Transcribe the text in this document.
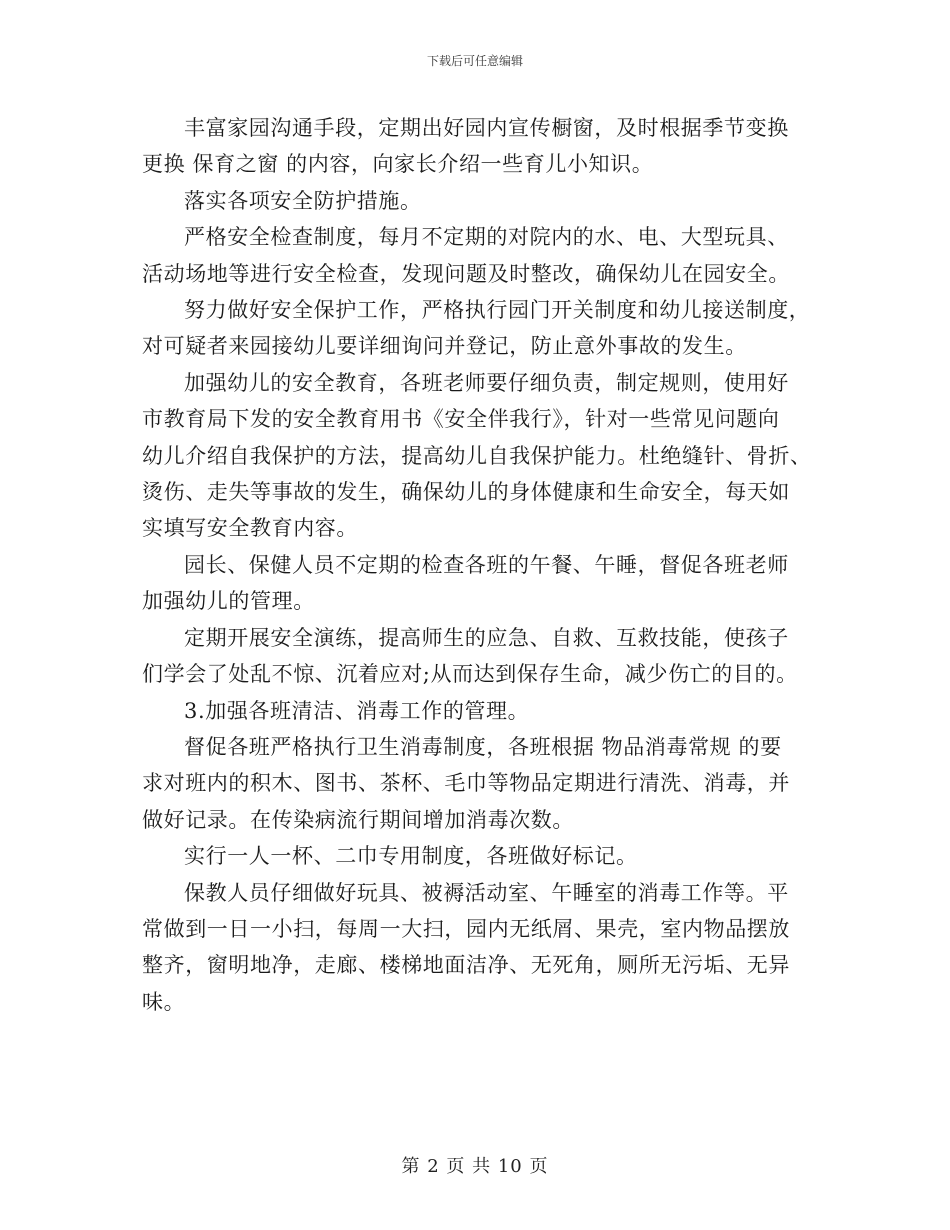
下载后可任意编辑

丰富家园沟通手段，定期出好园内宣传橱窗，及时根据季节变换
更换 保育之窗 的内容，向家长介绍一些育儿小知识。

落实各项安全防护措施。

严格安全检查制度，每月不定期的对院内的水、电、大型玩具、
活动场地等进行安全检查，发现问题及时整改，确保幼儿在园安全。

努力做好安全保护工作，严格执行园门开关制度和幼儿接送制度，
对可疑者来园接幼儿要详细询问并登记，防止意外事故的发生。

加强幼儿的安全教育，各班老师要仔细负责，制定规则，使用好
市教育局下发的安全教育用书《安全伴我行》，针对一些常见问题向
幼儿介绍自我保护的方法，提高幼儿自我保护能力。杜绝缝针、骨折、
烫伤、走失等事故的发生，确保幼儿的身体健康和生命安全，每天如
实填写安全教育内容。

园长、保健人员不定期的检查各班的午餐、午睡，督促各班老师
加强幼儿的管理。

定期开展安全演练，提高师生的应急、自救、互救技能，使孩子
们学会了处乱不惊、沉着应对;从而达到保存生命，减少伤亡的目的。

3.加强各班清洁、消毒工作的管理。

督促各班严格执行卫生消毒制度，各班根据 物品消毒常规 的要
求对班内的积木、图书、茶杯、毛巾等物品定期进行清洗、消毒，并
做好记录。在传染病流行期间增加消毒次数。

实行一人一杯、二巾专用制度，各班做好标记。

保教人员仔细做好玩具、被褥活动室、午睡室的消毒工作等。平
常做到一日一小扫，每周一大扫，园内无纸屑、果壳，室内物品摆放
整齐，窗明地净，走廊、楼梯地面洁净、无死角，厕所无污垢、无异
味。

第 2 页 共 10 页
